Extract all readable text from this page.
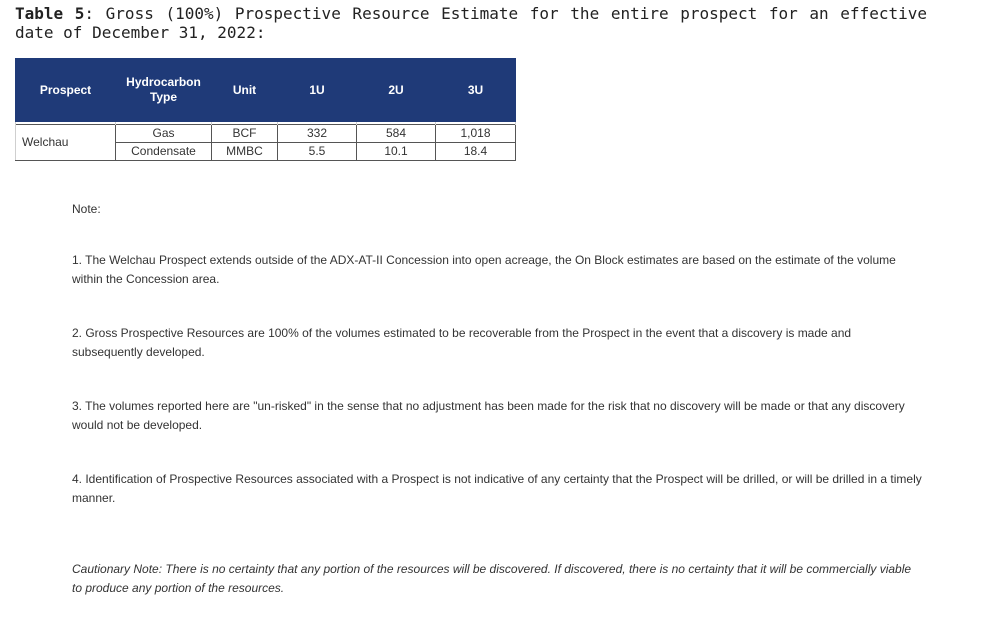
Table 5: Gross (100%) Prospective Resource Estimate for the entire prospect for an effective date of December 31, 2022:
Prospect	Hydrocarbon Type	Unit	1U	2U	3U

Welchau	Gas	BCF	332	584	1,018
	Condensate	MMBC	5.5	10.1	18.4

Note:

1. The Welchau Prospect extends outside of the ADX-AT-II Concession into open acreage, the On Block estimates are based on the estimate of the volume within the Concession area.

2. Gross Prospective Resources are 100% of the volumes estimated to be recoverable from the Prospect in the event that a discovery is made and subsequently developed.

3. The volumes reported here are "un-risked" in the sense that no adjustment has been made for the risk that no discovery will be made or that any discovery would not be developed.

4. Identification of Prospective Resources associated with a Prospect is not indicative of any certainty that the Prospect will be drilled, or will be drilled in a timely manner.

Cautionary Note: There is no certainty that any portion of the resources will be discovered. If discovered, there is no certainty that it will be commercially viable to produce any portion of the resources.
